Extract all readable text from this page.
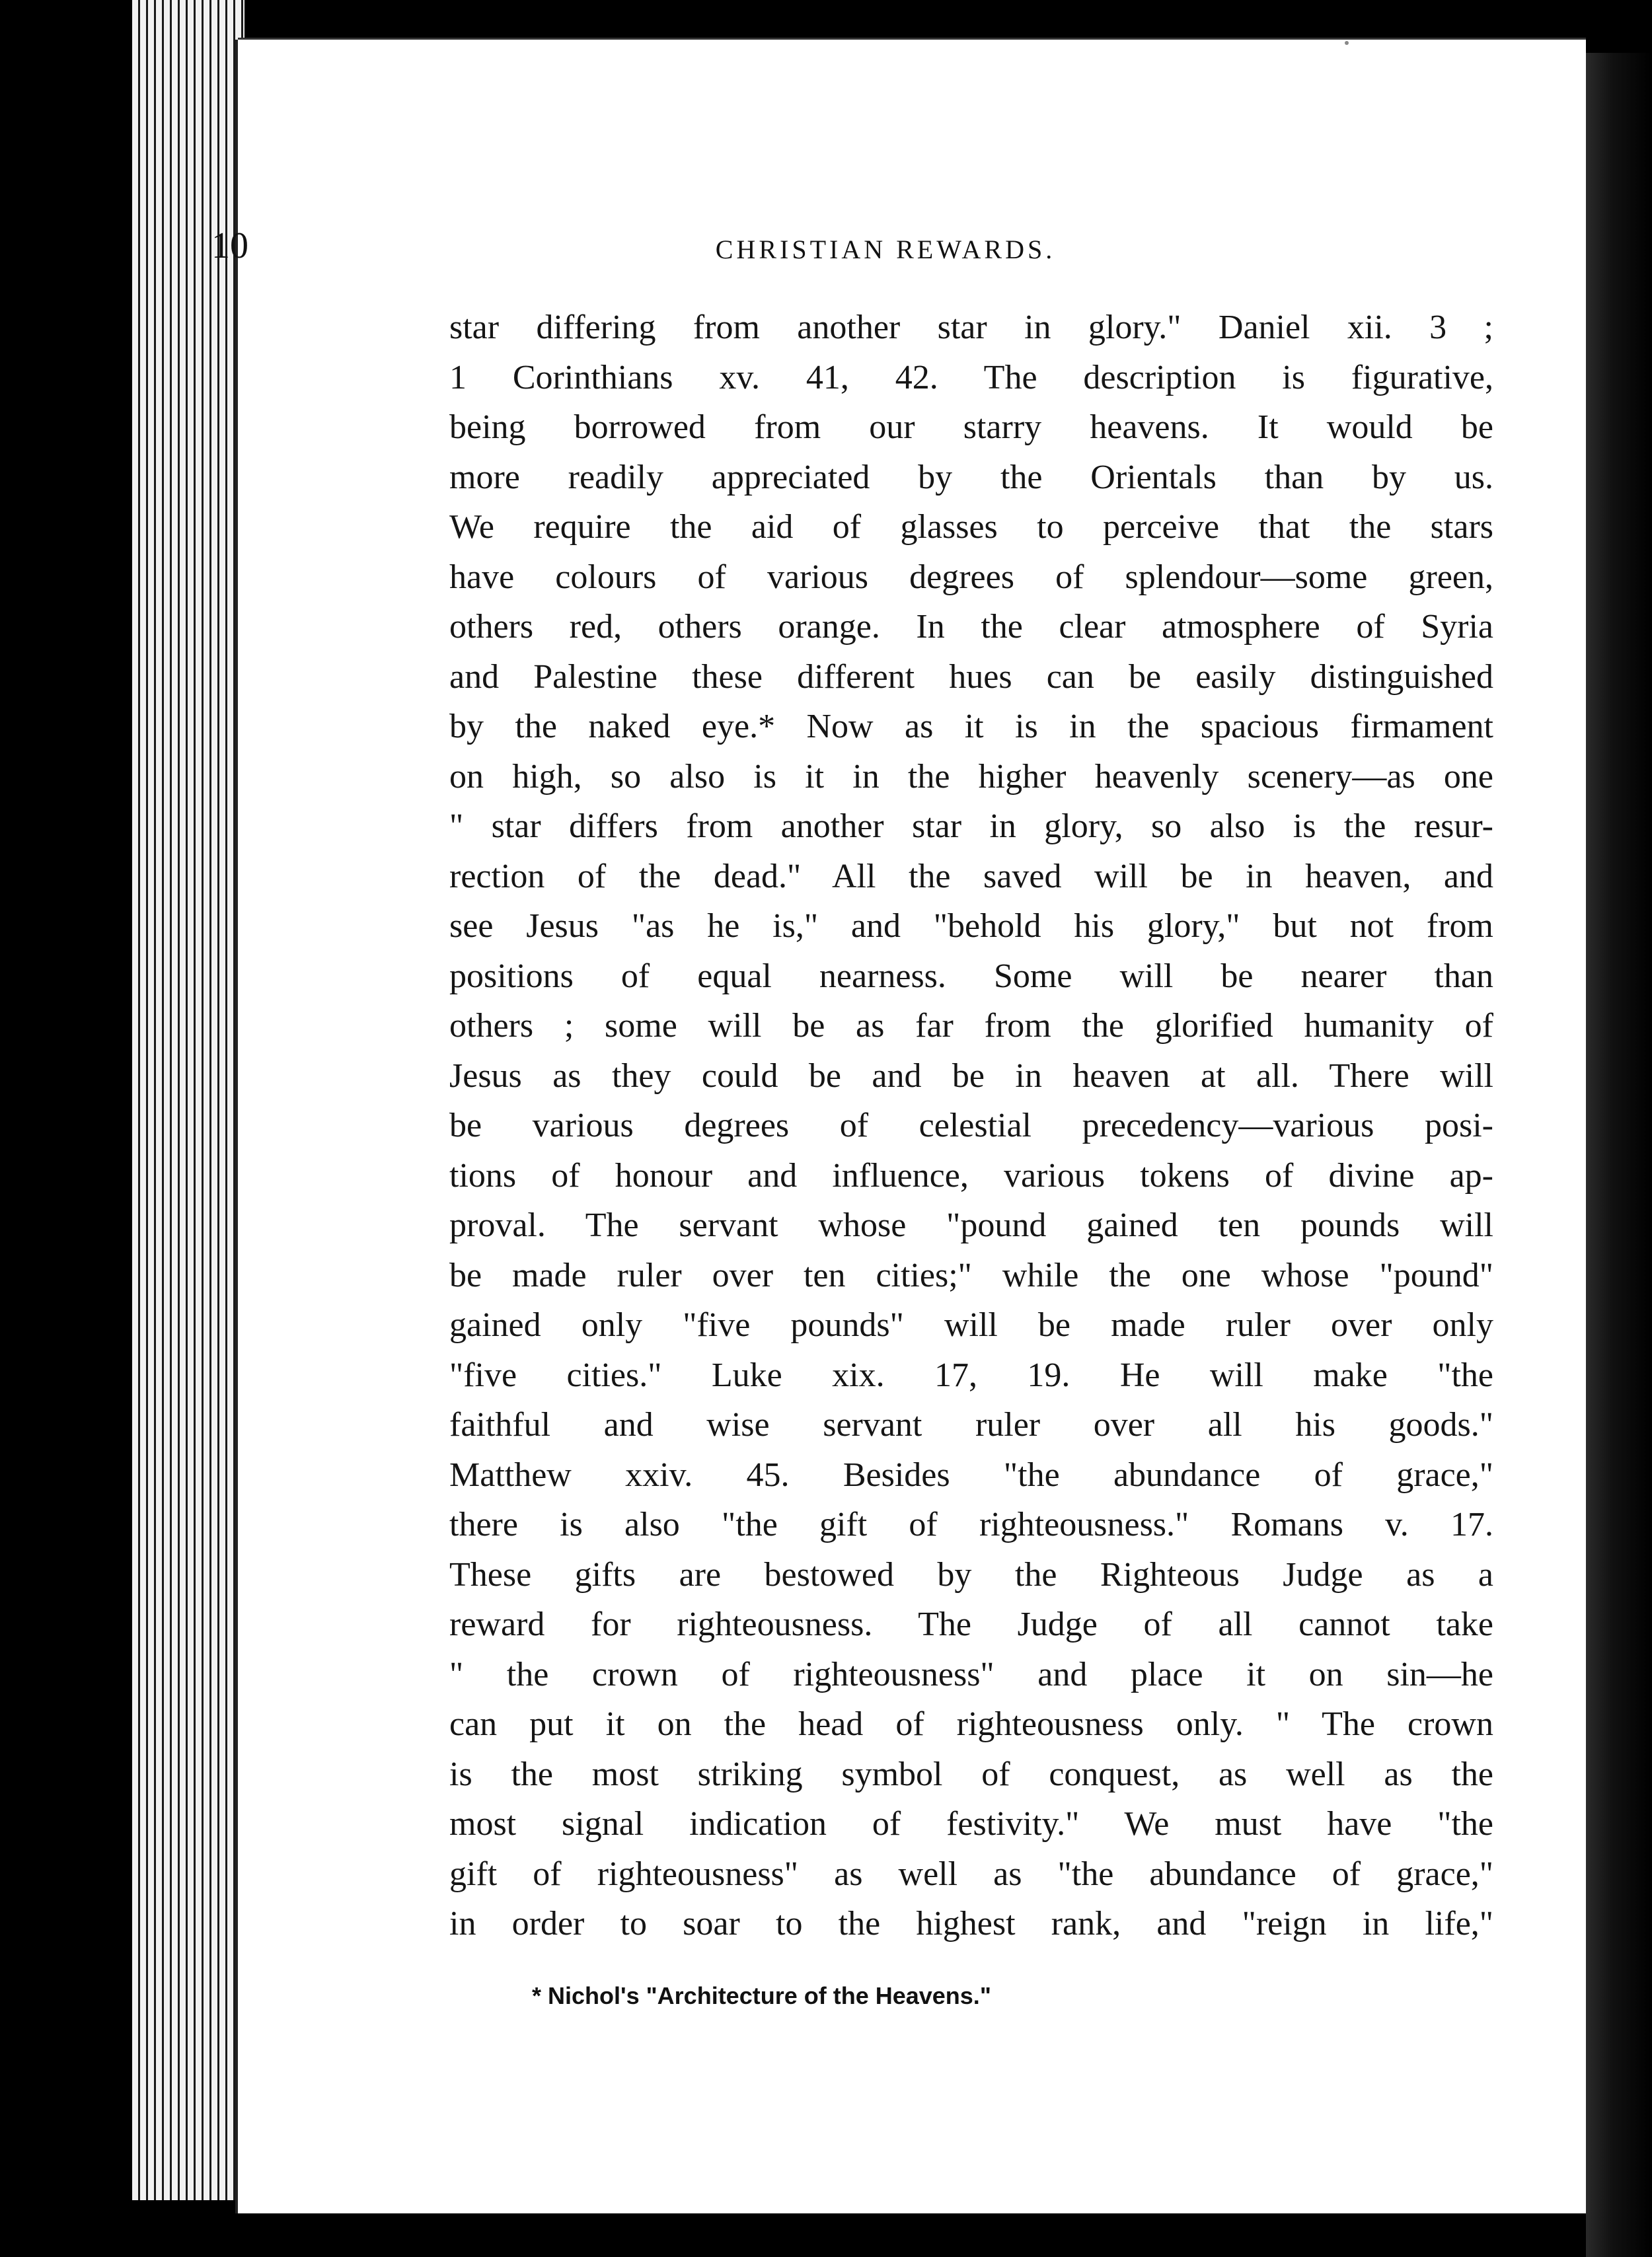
10	CHRISTIAN REWARDS.
star differing from another star in glory." Daniel xii. 3 ;
1 Corinthians xv. 41, 42. The description is figurative,
being borrowed from our starry heavens. It would be
more readily appreciated by the Orientals than by us.
We require the aid of glasses to perceive that the stars
have colours of various degrees of splendour—some green,
others red, others orange. In the clear atmosphere of Syria
and Palestine these different hues can be easily distinguished
by the naked eye.* Now as it is in the spacious firmament
on high, so also is it in the higher heavenly scenery—as one
" star differs from another star in glory, so also is the resur-
rection of the dead." All the saved will be in heaven, and
see Jesus "as he is," and "behold his glory," but not from
positions of equal nearness. Some will be nearer than
others ; some will be as far from the glorified humanity of
Jesus as they could be and be in heaven at all. There will
be various degrees of celestial precedency—various posi-
tions of honour and influence, various tokens of divine ap-
proval. The servant whose "pound gained ten pounds will
be made ruler over ten cities;" while the one whose "pound"
gained only "five pounds" will be made ruler over only
"five cities." Luke xix. 17, 19. He will make "the
faithful and wise servant ruler over all his goods."
Matthew xxiv. 45. Besides "the abundance of grace,"
there is also "the gift of righteousness." Romans v. 17.
These gifts are bestowed by the Righteous Judge as a
reward for righteousness. The Judge of all cannot take
" the crown of righteousness" and place it on sin—he
can put it on the head of righteousness only. " The crown
is the most striking symbol of conquest, as well as the
most signal indication of festivity." We must have "the
gift of righteousness" as well as "the abundance of grace,"
in order to soar to the highest rank, and "reign in life,"
* Nichol's "Architecture of the Heavens."
